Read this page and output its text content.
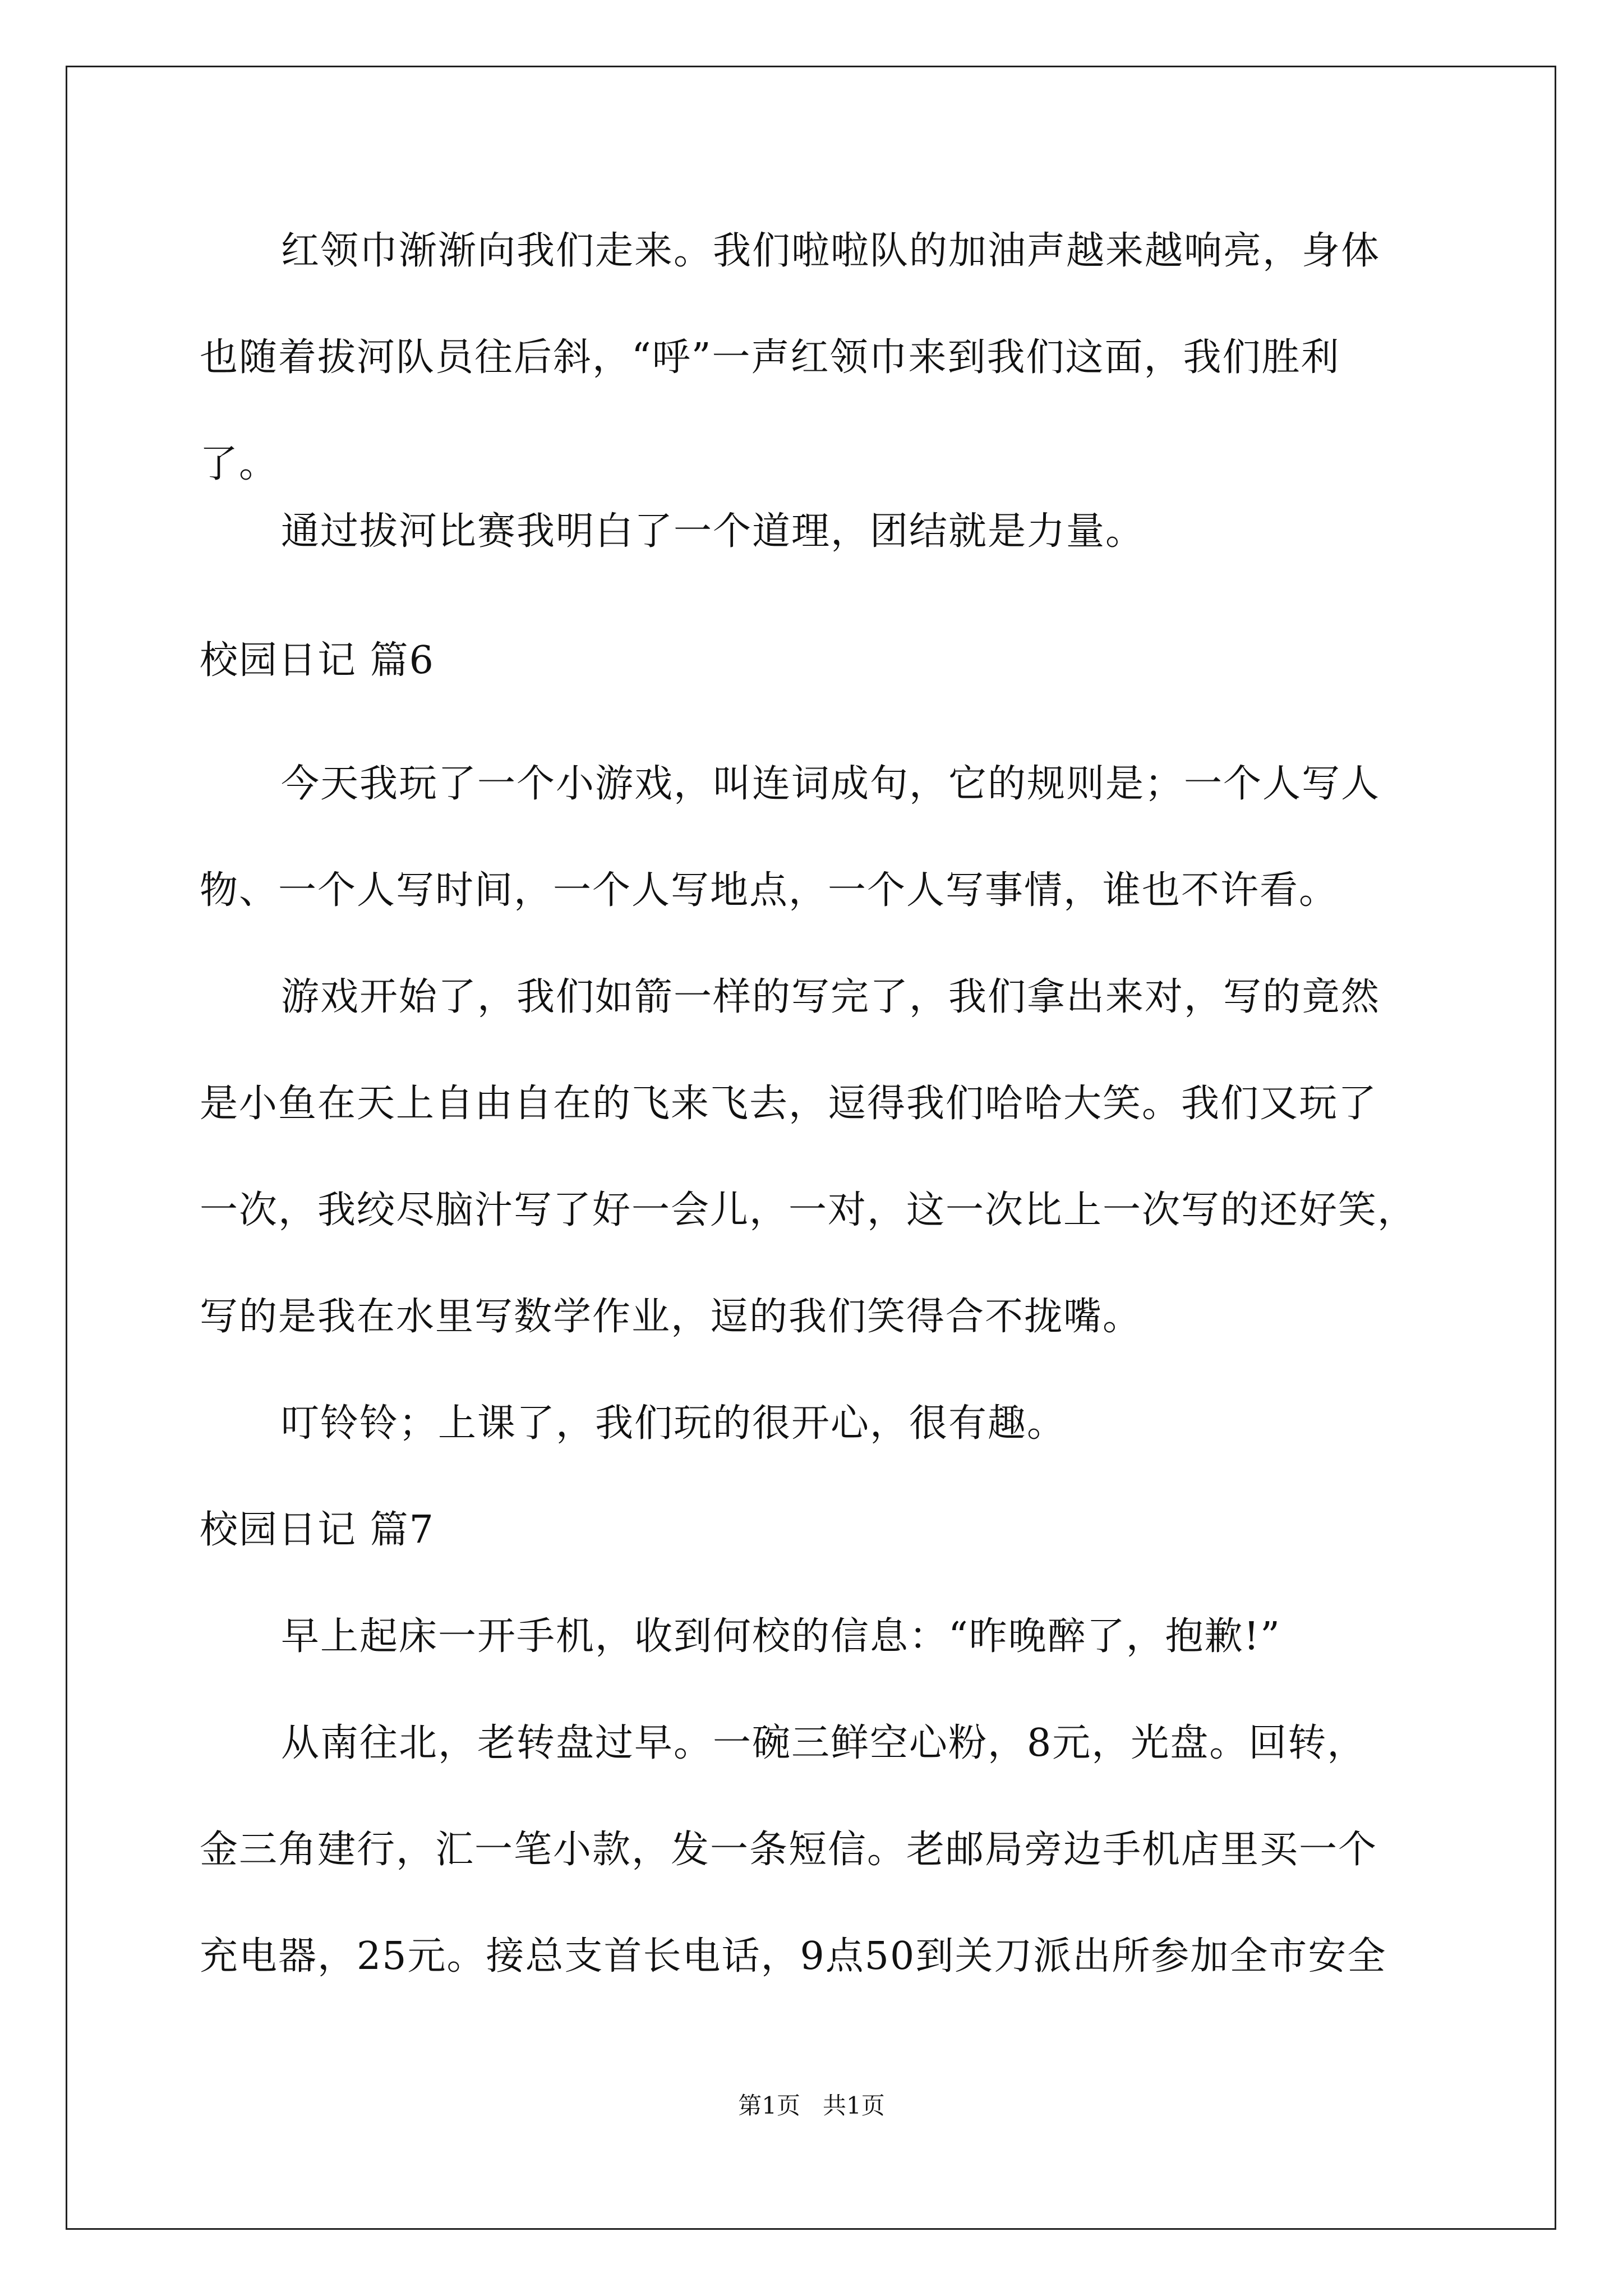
红领巾渐渐向我们走来。我们啦啦队的加油声越来越响亮，身体
也随着拔河队员往后斜，“呼”一声红领巾来到我们这面，我们胜利
了。
通过拔河比赛我明白了一个道理，团结就是力量。
校园日记 篇6
今天我玩了一个小游戏，叫连词成句，它的规则是；一个人写人
物、一个人写时间，一个人写地点，一个人写事情，谁也不许看。
游戏开始了，我们如箭一样的写完了，我们拿出来对，写的竟然
是小鱼在天上自由自在的飞来飞去，逗得我们哈哈大笑。我们又玩了
一次，我绞尽脑汁写了好一会儿，一对，这一次比上一次写的还好笑，
写的是我在水里写数学作业，逗的我们笑得合不拢嘴。
叮铃铃；上课了，我们玩的很开心，很有趣。
校园日记 篇7
早上起床一开手机，收到何校的信息：“昨晚醉了，抱歉!”
从南往北，老转盘过早。一碗三鲜空心粉，8元，光盘。回转，
金三角建行，汇一笔小款，发一条短信。老邮局旁边手机店里买一个
充电器，25元。接总支首长电话，9点50到关刀派出所参加全市安全
第1页   共1页
